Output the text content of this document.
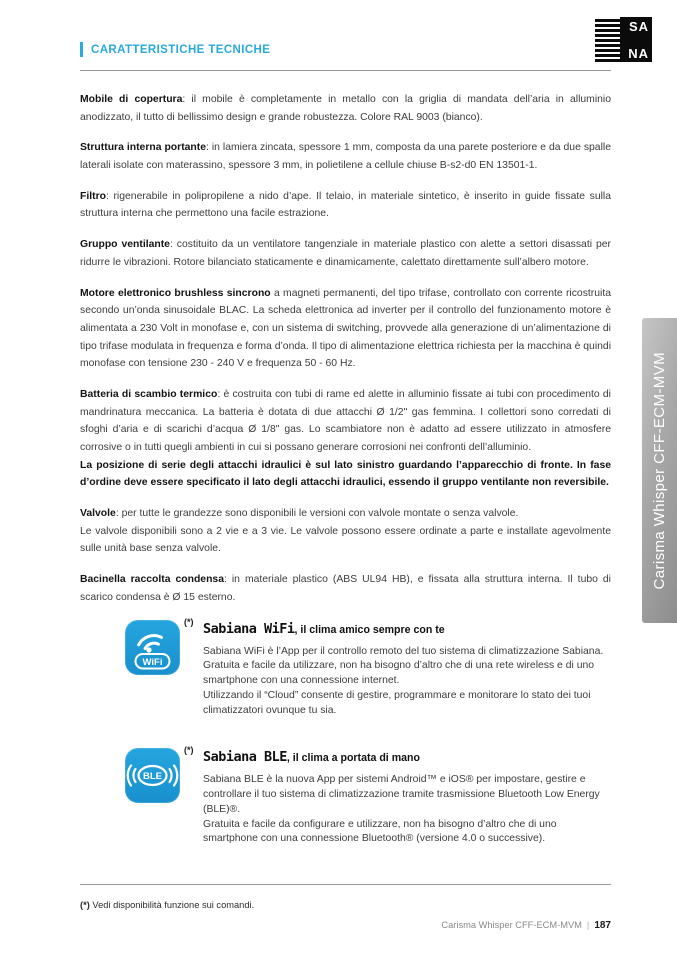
SA
NA
Carisma Whisper CFF-ECM-MVM
CARATTERISTICHE TECNICHE

Mobile di copertura: il mobile è completamente in metallo con la griglia di mandata dell’aria in alluminio anodizzato, il tutto di bellissimo design e grande robustezza. Colore RAL 9003 (bianco).

Struttura interna portante: in lamiera zincata, spessore 1 mm, composta da una parete posteriore e da due spalle laterali isolate con materassino, spessore 3 mm, in polietilene a cellule chiuse B-s2-d0 EN 13501-1.

Filtro: rigenerabile in polipropilene a nido d’ape. Il telaio, in materiale sintetico, è inserito in guide fissate sulla struttura interna che permettono una facile estrazione.

Gruppo ventilante: costituito da un ventilatore tangenziale in materiale plastico con alette a settori disassati per ridurre le vibrazioni. Rotore bilanciato staticamente e dinamicamente, calettato direttamente sull’albero motore.

Motore elettronico brushless sincrono a magneti permanenti, del tipo trifase, controllato con corrente ricostruita secondo un’onda sinusoidale BLAC. La scheda elettronica ad inverter per il controllo del funzionamento motore è alimentata a 230 Volt in monofase e, con un sistema di switching, provvede alla generazione di un’alimentazione di tipo trifase modulata in frequenza e forma d’onda. Il tipo di alimentazione elettrica richiesta per la macchina è quindi monofase con tensione 230 - 240 V e frequenza 50 - 60 Hz.

Batteria di scambio termico: è costruita con tubi di rame ed alette in alluminio fissate ai tubi con procedimento di mandrinatura meccanica. La batteria è dotata di due attacchi Ø 1/2" gas femmina. I collettori sono corredati di sfoghi d’aria e di scarichi d’acqua Ø 1/8" gas. Lo scambiatore non è adatto ad essere utilizzato in atmosfere corrosive o in tutti quegli ambienti in cui si possano generare corrosioni nei confronti dell’alluminio.

La posizione di serie degli attacchi idraulici è sul lato sinistro guardando l’apparecchio di fronte. In fase d’ordine deve essere specificato il lato degli attacchi idraulici, essendo il gruppo ventilante non reversibile.

Valvole: per tutte le grandezze sono disponibili le versioni con valvole montate o senza valvole.

Le valvole disponibili sono a 2 vie e a 3 vie. Le valvole possono essere ordinate a parte e installate agevolmente sulle unità base senza valvole.

Bacinella raccolta condensa: in materiale plastico (ABS UL94 HB), e fissata alla struttura interna. Il tubo di scarico condensa è Ø 15 esterno.

WiFi
(*) Sabiana WiFi, il clima amico sempre con te

Sabiana WiFi è l’App per il controllo remoto del tuo sistema di climatizzazione Sabiana. Gratuita e facile da utilizzare, non ha bisogno d’altro che di una rete wireless e di uno smartphone con una connessione internet.

Utilizzando il “Cloud” consente di gestire, programmare e monitorare lo stato dei tuoi climatizzatori ovunque tu sia.

BLE
(*) Sabiana BLE, il clima a portata di mano

Sabiana BLE è la nuova App per sistemi Android™ e iOS® per impostare, gestire e controllare il tuo sistema di climatizzazione tramite trasmissione Bluetooth Low Energy (BLE)®.

Gratuita e facile da configurare e utilizzare, non ha bisogno d’altro che di uno smartphone con una connessione Bluetooth® (versione 4.0 o successive).

(*) Vedi disponibilità funzione sui comandi.
Carisma Whisper CFF-ECM-MVM | 187
